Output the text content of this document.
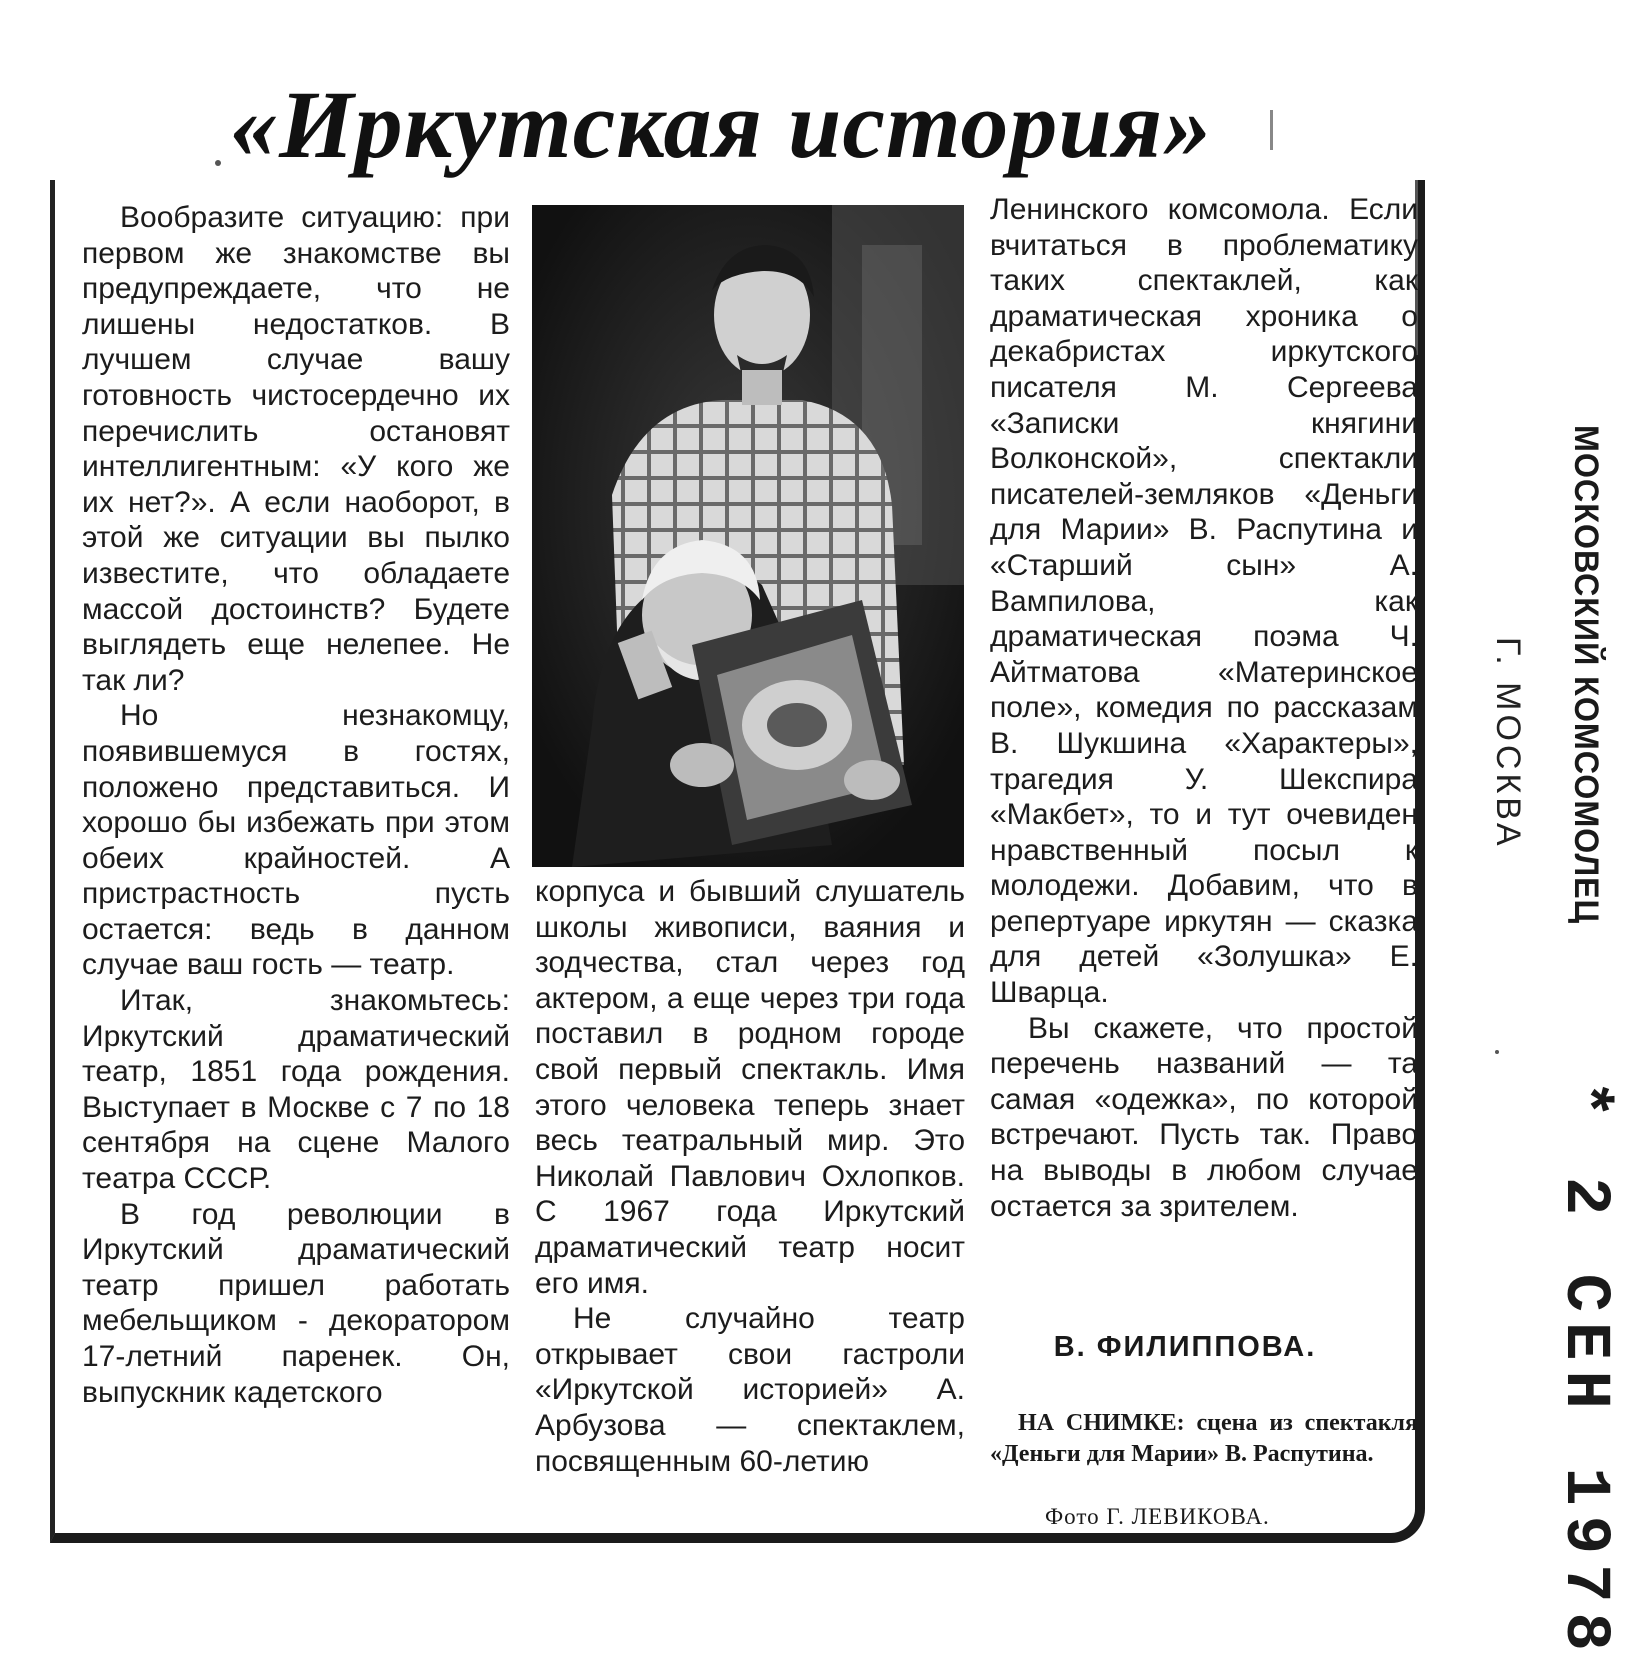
«Иркутская история»

Вообразите ситуацию: при первом же знакомстве вы предупреждаете, что не лишены недостатков. В лучшем случае вашу готовность чистосердечно их перечислить остановят интеллигентным: «У кого же их нет?». А если наоборот, в этой же ситуации вы пылко известите, что обладаете массой достоинств? Будете выглядеть еще нелепее. Не так ли?

Но незнакомцу, появившемуся в гостях, положено представиться. И хорошо бы избежать при этом обеих крайностей. А пристрастность пусть остается: ведь в данном случае ваш гость — театр.

Итак, знакомьтесь: Иркутский драматический театр, 1851 года рождения. Выступает в Москве с 7 по 18 сентября на сцене Малого театра СССР.

В год революции в Иркутский драматический театр пришел работать мебельщиком - декоратором 17-летний паренек. Он, выпускник кадетского

корпуса и бывший слушатель школы живописи, ваяния и зодчества, стал через год актером, а еще через три года поставил в родном городе свой первый спектакль. Имя этого человека теперь знает весь театральный мир. Это Николай Павлович Охлопков. С 1967 года Иркутский драматический театр носит его имя.

Не случайно театр открывает свои гастроли «Иркутской историей» А. Арбузова — спектаклем, посвященным 60-летию

Ленинского комсомола. Если вчитаться в проблематику таких спектаклей, как драматическая хроника о декабристах иркутского писателя М. Сергеева «Записки княгини Волконской», спектакли писателей-земляков «Деньги для Марии» В. Распутина и «Старший сын» А. Вампилова, как драматическая поэма Ч. Айтматова «Материнское поле», комедия по рассказам В. Шукшина «Характеры», трагедия У. Шекспира «Макбет», то и тут очевиден нравственный посыл к молодежи. Добавим, что в репертуаре иркутян — сказка для детей «Золушка» Е. Шварца.

Вы скажете, что простой перечень названий — та самая «одежка», по которой встречают. Пусть так. Право на выводы в любом случае остается за зрителем.

В. ФИЛИППОВА.

НА СНИМКЕ: сцена из спектакля «Деньги для Марии» В. Распутина.

Фото Г. ЛЕВИКОВА.
МОСКОВСКИЙ КОМСОМОЛЕЦ
Г. МОСКВА
* 2 СЕН 1978
